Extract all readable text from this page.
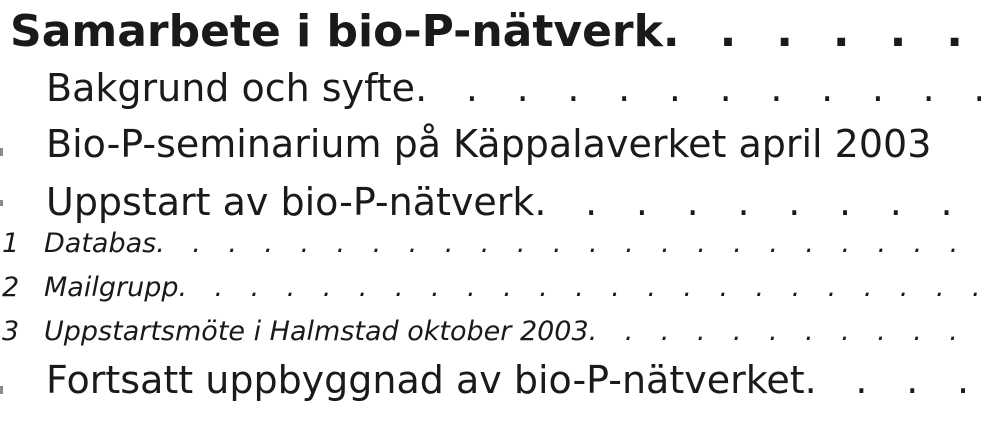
Samarbete i bio-P-nätverk
. . .
Bakgrund och syfte
. . .
Bio-P-seminarium på Käppalaverket april 2003
Uppstart av bio-P-nätverk
. . .
1 Databas
. . .
2 Mailgrupp
. . .
3 Uppstartsmöte i Halmstad oktober 2003
. . .
Fortsatt uppbyggnad av bio-P-nätverket
. . .
